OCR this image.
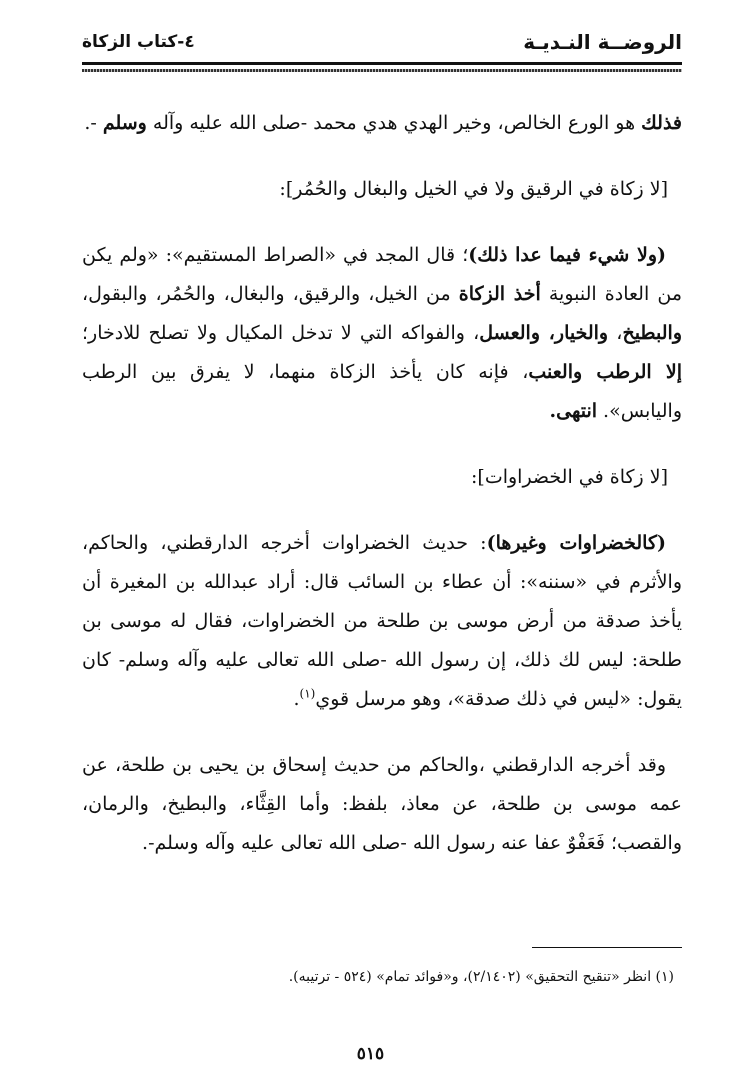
الروضــة النـديـة
٤-كتاب الزكاة

فذلك هو الورع الخالص، وخير الهدي هدي محمد -صلى الله عليه وآله وسلم -.

[لا زكاة في الرقيق ولا في الخيل والبغال والحُمُر]:

(ولا شيء فيما عدا ذلك)؛ قال المجد في «الصراط المستقيم»: «ولم يكن من العادة النبوية أخذ الزكاة من الخيل، والرقيق، والبغال، والحُمُر، والبقول، والبطيخ، والخيار، والعسل، والفواكه التي لا تدخل المكيال ولا تصلح للادخار؛ إلا الرطب والعنب، فإنه كان يأخذ الزكاة منهما، لا يفرق بين الرطب واليابس». انتهى.

[لا زكاة في الخضراوات]:

(كالخضراوات وغيرها): حديث الخضراوات أخرجه الدارقطني، والحاكم، والأثرم في «سننه»: أن عطاء بن السائب قال: أراد عبدالله بن المغيرة أن يأخذ صدقة من أرض موسى بن طلحة من الخضراوات، فقال له موسى بن طلحة: ليس لك ذلك، إن رسول الله -صلى الله تعالى عليه وآله وسلم- كان يقول: «ليس في ذلك صدقة»، وهو مرسل قوي$^{(١)}$.

وقد أخرجه الدارقطني ،والحاكم من حديث إسحاق بن يحيى بن طلحة، عن عمه موسى بن طلحة، عن معاذ، بلفظ: وأما القِثَّاء، والبطيخ، والرمان، والقصب؛ فَعَفْوٌ عفا عنه رسول الله -صلى الله تعالى عليه وآله وسلم-.

(١) انظر «تنقيح التحقيق» (٢/١٤٠٢)، و«فوائد تمام» (٥٢٤ - ترتيبه).
٥١٥
